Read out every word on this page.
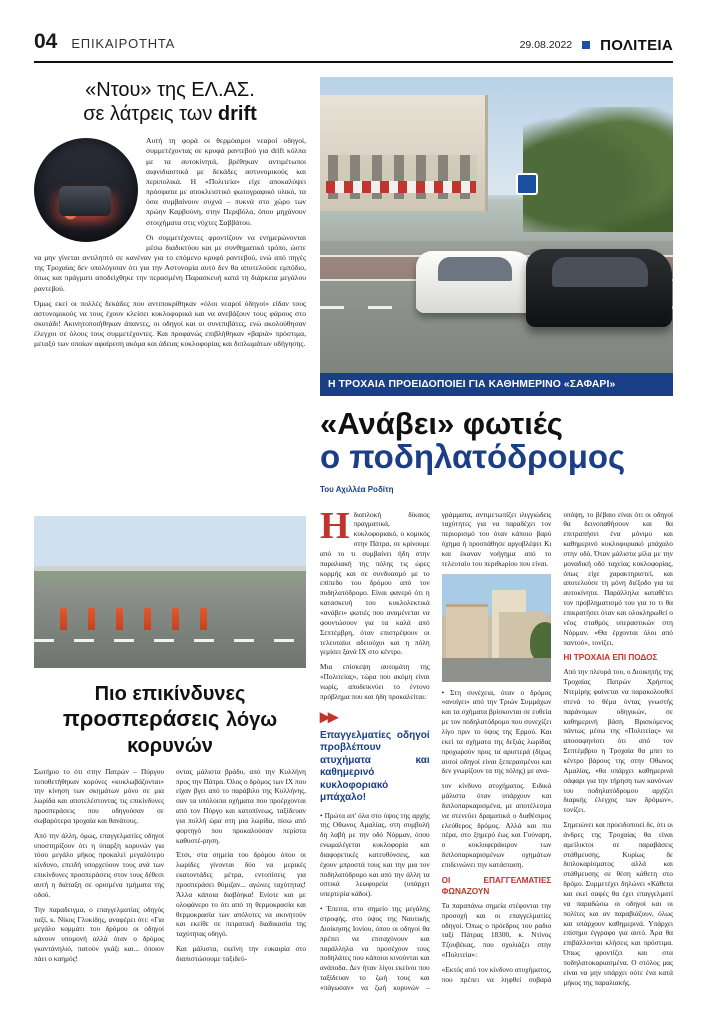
04 ΕΠΙΚΑΙΡΟΤΗΤΑ	29.08.2022 ΠΟΛΙΤΕΙΑ
«Ντου» της ΕΛ.ΑΣ.
σε λάτρεις των drift

Αυτή τη φορά οι θερμόαιμοι νεαροί οδηγοί, συμμετέχοντας σε κρυφά ραντεβού για drift κόλπα με τα αυτοκίνητά, βρέθηκαν αντιμέτωποι αιφνιδιαστικά με δεκάδες αστυνομικούς και περιπολικά. Η «Πολιτεία» είχε αποκαλύψει πρόσφατα με αποκλειστικό φωτογραφικό υλικό, τα όσα συμβαίνουν συχνά – πυκνά στο χώρο των πρώην Καρβούνη, στην Περιβόλα, όπου μηχάνουν στοιχήματα στις νύχτες Σαββάτου.

Οι συμμετέχοντες φροντίζουν να ενημερώνονται μέσω διαδικτύου και με συνθηματικό τρόπο, ώστε να μην γίνεται αντιληπτό σε κανέναν για το επόμενο κρυφό ραντεβού, ενώ από πηγές της Τροχαίας δεν υπολόγισαν ότι για την Αστυνομία αυτό δεν θα αποτελούσε εμπόδιο, όπως και πράγματι αποδείχθηκε την περασμένη Παρασκευή κατά τη διάρκεια μεγάλου ραντεβού.

Όμως εκεί οι πολλές δεκάδες που αντιποκρίθηκαν «όλοι νεαροί όδηγοί» είδαν τους αστυνομικούς να τους έχουν κλείσει κυκλοφορικά και να ανεβάζουν τους φάρους στο σκοτάδι! Ακινητοποιήθηκαν άπαντες, οι οδηγοί και οι συνεπιβάτες, ενώ ακολούθησαν έλεγχοι σε όλους τους συμμετέχοντες. Και προφανώς επιβλήθηκαν «βαριά» πρόστιμα, μεταξύ των οποίων αφαίρεση ακόμα και άδειας κυκλοφορίας και διπλωμάτων οδήγησης.

Η ΤΡΟΧΑΙΑ ΠΡΟΕΙΔΟΠΟΙΕΙ ΓΙΑ ΚΑΘΗΜΕΡΙΝΟ «ΣΑΦΑΡΙ»
«Ανάβει» φωτιές
ο ποδηλατόδρομος
Του Αχιλλέα Ροδίτη
Πιο επικίνδυνες
προσπεράσεις λόγω
κορυνών

Σωτήριο το ότι στην Πατρών – Πύργου τοποθετήθηκαν κορύνες «κυκλωβάζονται» την κίνηση των σκημάτων μόνο σε μια λωρίδα και αποτελέστοντας τις επικίνδυνες προσπεράσεις που οδηγούσαν σε σωβαρότερα τροχαία και θανάτους.

Από την άλλη, όμως, επαγγελματίες οδηγοί υποστηρίζουν ότι η ύπαρξη κορυνών για τόσο μεγάλο μήκος προκαλεί μεγαλύτερο κίνδυνο, επειδή υπορχεύουν τους ανά των επικίνδυνες προσπεράσεις στον τους δέθεσι αυτή η διάταξη σε ορισμένα τμήματα της οδού.

Την παραδειγμα, ο επαγγελματίας οδηγός ταξί, κ. Νίκος Γλυκίδης, αναφέρει ότι: «Για μεγάλο κομμάτι του δρόμου οι οδηγοί κάνουν υπομονή αλλά όταν ο δρόμος γκαντάνηλιό, πατούν γκάζι και... όποιον πάει ο καημός!

οντας μάλιστα βράδυ, από την Κυλλήνη προς την Πάτρα. Όλος ο δρόμος των ΙΧ που είχαν βγει από το παράβιλο της Κυλλήνης, σαν τα υπόλοιπα οχήματα που προέρχονται από τον Πύργο και κατοπίνεως, ταξίδευαν για πολλή ώρα στη μια λωρίδα, πίσω από φορτηγό που προκαλούσαν περίστα καθυστέ-ρηση.

Έτσι, στα σημεία του δρόμου όπου οι λωρίδες γίνονται δύο να μερικές εκατοντάδες μέτρα, εντοπίσεις για προσπεράσει θύμιζαν... αγώνες ταχύτητας! Άλλα κάποια διαβόηκα! Ενίοτε και με ολοφάνερο το ότι από τη θερμοκρασία και θερμοκρασία των απόλυτες να ακινητούν και εκείθε σε πειρατική διαδικασία της ταχύτητας οδηγό.

Και μάλιστα, εκείνη την ευκαιρία στο διαπιστώσουμε ταξιδεύ-

Η διαπλοκή δίκαιος πραγματικά, κυκλοφοριακό, ο κομικός στην Πάτρα, σε κρίνουμε από το τι συμβαίνει ήδη στην παραλιακή της πόλης τις ώρες κορμής και σε συνδυασμό με το επίπεδο του δρόμου από τον ποδηλατόδρομο. Είναι φανερό ότι η κατασκευή του κυκλολεκτικά «ανάβει» φωτιές που αναμένεται να φουντώσουν για τα καλά από Σεπτέμβρη, όταν επιστρέψουν οι τελευταίοι αδειούχοι και η πόλη γεμίσει ξανά ΙΧ στο κέντρο.

Μια επίσκεψη αυτομάτη της «Πολιτείας», τώρα που ακόμη είναι νωρίς, αποδεικνύει το έντονο πρόβλημα που και ήδη προκαλείται:

▸▸
Επαγγελματίες οδηγοί προβλέπουν ατυχήματα και καθημερινό κυκλοφοριακό μπάχαλο!

• Πρώτα απ' όλα στο ύψος της αρχής της Οθωνος Αμαλίας, στη συμβολή δη λαβή με την οδό Νόρμαν, όπου ενωμαλέγεται κυκλοφορία και διαφορετικές κατευθύνσεις, και έχουν μπροστά τους και την μια τον ποδηλατόδρομο και από την άλλη τα οπτικά λεωφορεία (υπάρχει υπερτερία κάδοι).

• Έπειτα, στο σημείο της μεγάλης στροφής, στο ύψος της Ναυτικής Διοίκησης Ιονίου, όπου οι οδηγοί θα πρέπει να επιταχύνουν και παράλληλα να προσέχουν τους ποδηλάτες που κάποιοι κινούνται και ανάποδα. Δεν ήταν λίγοι εκείνοι που ταξίδευαν το ζωή τους και «πάγωσαν» να ζωή κορυνών – γράμματα, αντιμετωπίζει ιλιγγιώδεις ταχύτητες για να παραδέχει τον περιορισμό του όταν κάποιο βαρύ όχημα ή προσπάθησε αργοβλέψει Κι και έκαναν νοήγημα από το τελευταίο του περιθωρίου που είναι.

• Στη συνέχεια, όταν ο δρόμος «ανοίγει» από την Τριών Συμμάχων και τα σχήματα βρίσκονται σε ευθεία με τον ποδηλατόδρομο που συνεχίζει λίγο πριν το ύψος της Ερμού. Και εκεί τα σχήματα της δεξιάς λωρίδας προχωρούν προς τα αριστερά (δίχως αυτοί οδηγοί είναι ξεπερασμένοι και δεν γνωρίζουν τα της πόλης) με ανα-

τον κίνδυνο ατυχήματος. Ειδικά μάλιστα όταν υπάρχουν και διπλοπαρκαρισμένα, με αποτέλεσμα να στενεύει δραματικά ο διαθέσιμος ελεύθερος δρόμος. Αλλά και πιο πέρα, στο ξημερό έως και Γούναρη, ο κυκλοφεράκιρον των διπλοπαρκαρισμένων οχημάτων επιδεινώνει την κατάσταση.

ΟΙ ΕΠΑΓΓΕΛΜΑΤΙΕΣ ΦΩΝΑΖΟΥΝ

Τα παραπάνω σημεία στέφονται την προσοχή και οι επαγγελματίες οδηγοί. Όπως ο πρόεδρος του ραδιο ταξί Πάτρας 18300, κ. Ντίνος Τζουβέκας, που σχολιάζει στην «Πολιτεία»:

«Εκτός από τον κίνδυνο ατυχήματος, που πρέπει να ληφθεί σοβαρά υπόψη, το βέβαιο είναι ότι οι οδηγοί θα δεινοπαθήσουν και θα επιτραπήσει ένα μόνιμο και καθημερινό κυκλοφοριακό μπάχαλο στην οδό. Όταν μάλιστα μίλα με την μοναδική οδό ταχείας κυκλοφορίας, όπως είχε χαρακτηριστεί, και αποτελούσε τη μόνη διέξοδο για τα αυτοκίνητα. Παράλληλα καταθέτει τον προβληματισμό του για το τι θα επικρατήσει όταν και ολοκληρωθεί ο νέος σταθμός υπεραστικών στη Νόρμαν. «Θα έρχονται όλοι από παντού», τονίζει.

ΗΙ ΤΡΟΧΑΙΑ ΕΠΙ ΠΟΔΟΣ

Από την πλευρά του, ο Διοικητής της Τροχαίας Πατρών Χρήστος Ντεμίρης φαίνεται να παρακολουθεί στενά το θέμα όντας γνωστής παράνομων οδηγικών, σε καθημερινή βάση. Βρισκόμενος πάντως μέσω της «Πολιτείας» να αποσαφηνίσει ότι από τον Σεπτέμβριο η Τροχαία θα μπει το κέντρο βάρους της στην Οθωνος Αμαλίας, «θα υπάρχει καθημερινά σάφαρι για την τήρηση των κανόνων του ποδηλατόδρομου αρχίζει διαρκής έλεγχος των δρόμων», τονίζει.

Σημειώνει και προειδοποιεί δε, ότι οι άνδρες της Τροχαίας θα είναι αμείλικτοι σε παραβάσεις στάθμευσης. Κυρίως δε διπλοκαρίσματος αλλά και στάθμευσης σε θέση κάθετη στο δρόμο. Συμμετέχει δηλώνει «Κάθετα και εκεί σαφές θα έχει επαγγελματί να παραδώσω οι οδηγοί και οι πολίτες και αν παραβιάζουν, όλως και υπάρχουν καθημερινά. Υπάρχει επίσημο έγγραφο για αυτό. Άρα θα επιβάλλονται κλήσεις και πρόστιμα. Όπως φροντίζει και στα ποδηλατοκαριασμένα. Ο στόλος μας είναι να μην υπάρχει ούτε ένα κατά μήκος της παραλιακής.
